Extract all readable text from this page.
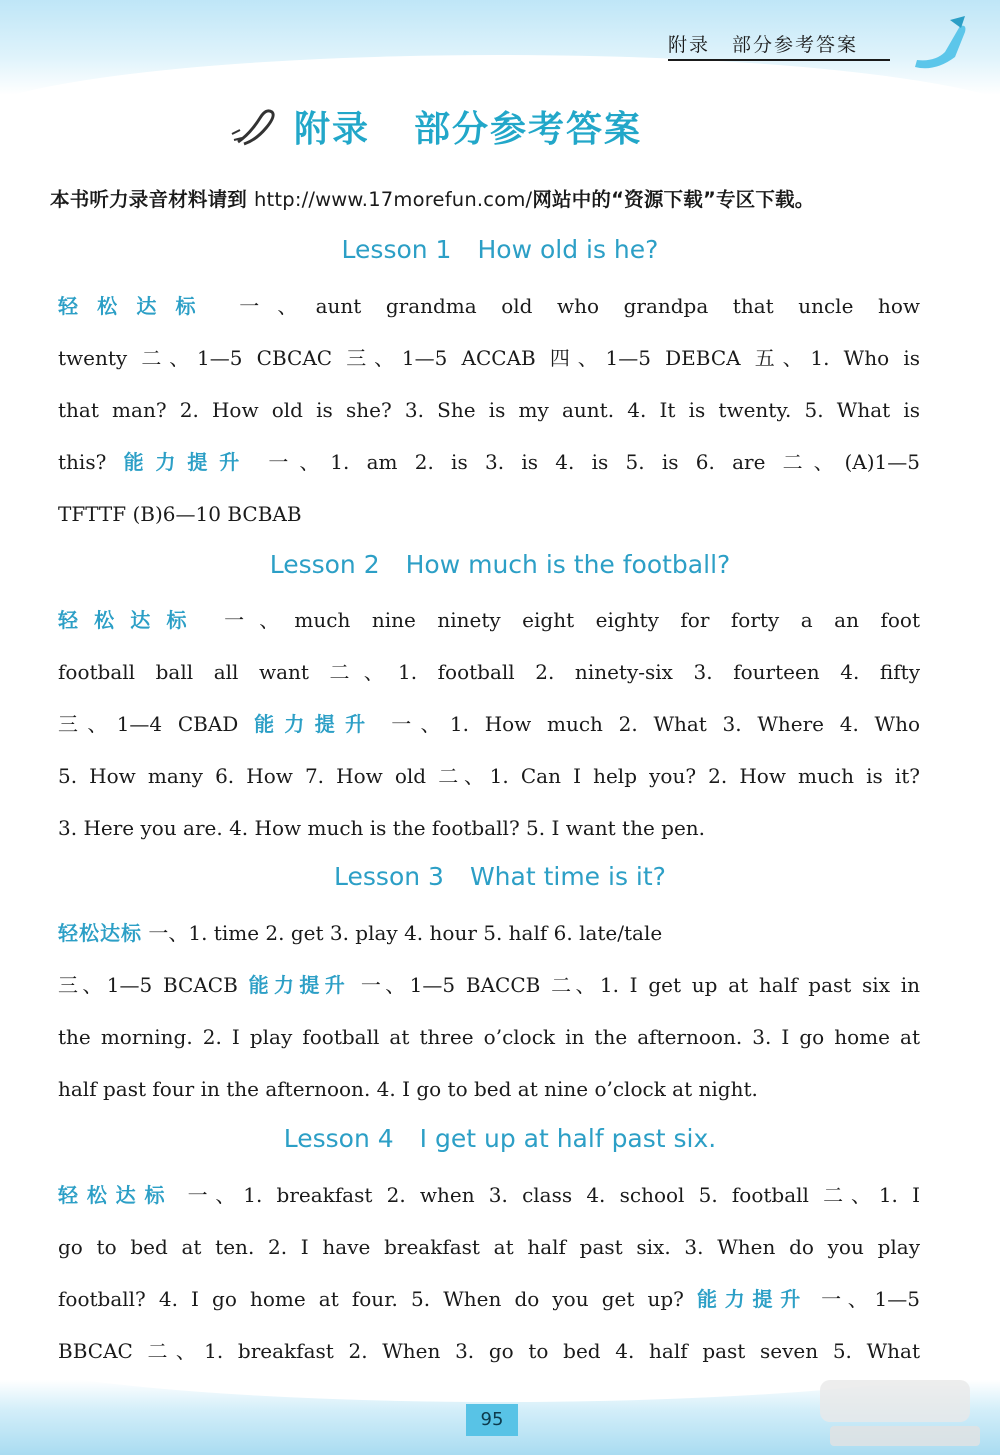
附录 部分参考答案
附录 部分参考答案
本书听力录音材料请到 http://www.17morefun.com/网站中的“资源下载”专区下载。
Lesson 1 How old is he?
轻松达标 一、aunt grandma old who grandpa that uncle how
twenty 二、1—5 CBCAC 三、1—5 ACCAB 四、1—5 DEBCA 五、1. Who is
that man? 2. How old is she? 3. She is my aunt. 4. It is twenty. 5. What is
this? 能力提升 一、1. am 2. is 3. is 4. is 5. is 6. are 二、(A)1—5
TFTTF (B)6—10 BCBAB
Lesson 2 How much is the football?
轻松达标 一、much nine ninety eight eighty for forty a an foot
football ball all want 二、1. football 2. ninety-six 3. fourteen 4. fifty
三、1—4 CBAD 能力提升 一、1. How much 2. What 3. Where 4. Who
5. How many 6. How 7. How old 二、1. Can I help you? 2. How much is it?
3. Here you are. 4. How much is the football? 5. I want the pen.
Lesson 3 What time is it?
轻松达标 一、1. time 2. get 3. play 4. hour 5. half 6. late/tale
三、1—5 BCACB 能力提升 一、1—5 BACCB 二、1. I get up at half past six in
the morning. 2. I play football at three o’clock in the afternoon. 3. I go home at
half past four in the afternoon. 4. I go to bed at nine o’clock at night.
Lesson 4 I get up at half past six.
轻松达标 一、1. breakfast 2. when 3. class 4. school 5. football 二、1. I
go to bed at ten. 2. I have breakfast at half past six. 3. When do you play
football? 4. I go home at four. 5. When do you get up? 能力提升 一、1—5
BBCAC 二、1. breakfast 2. When 3. go to bed 4. half past seven 5. What
95
